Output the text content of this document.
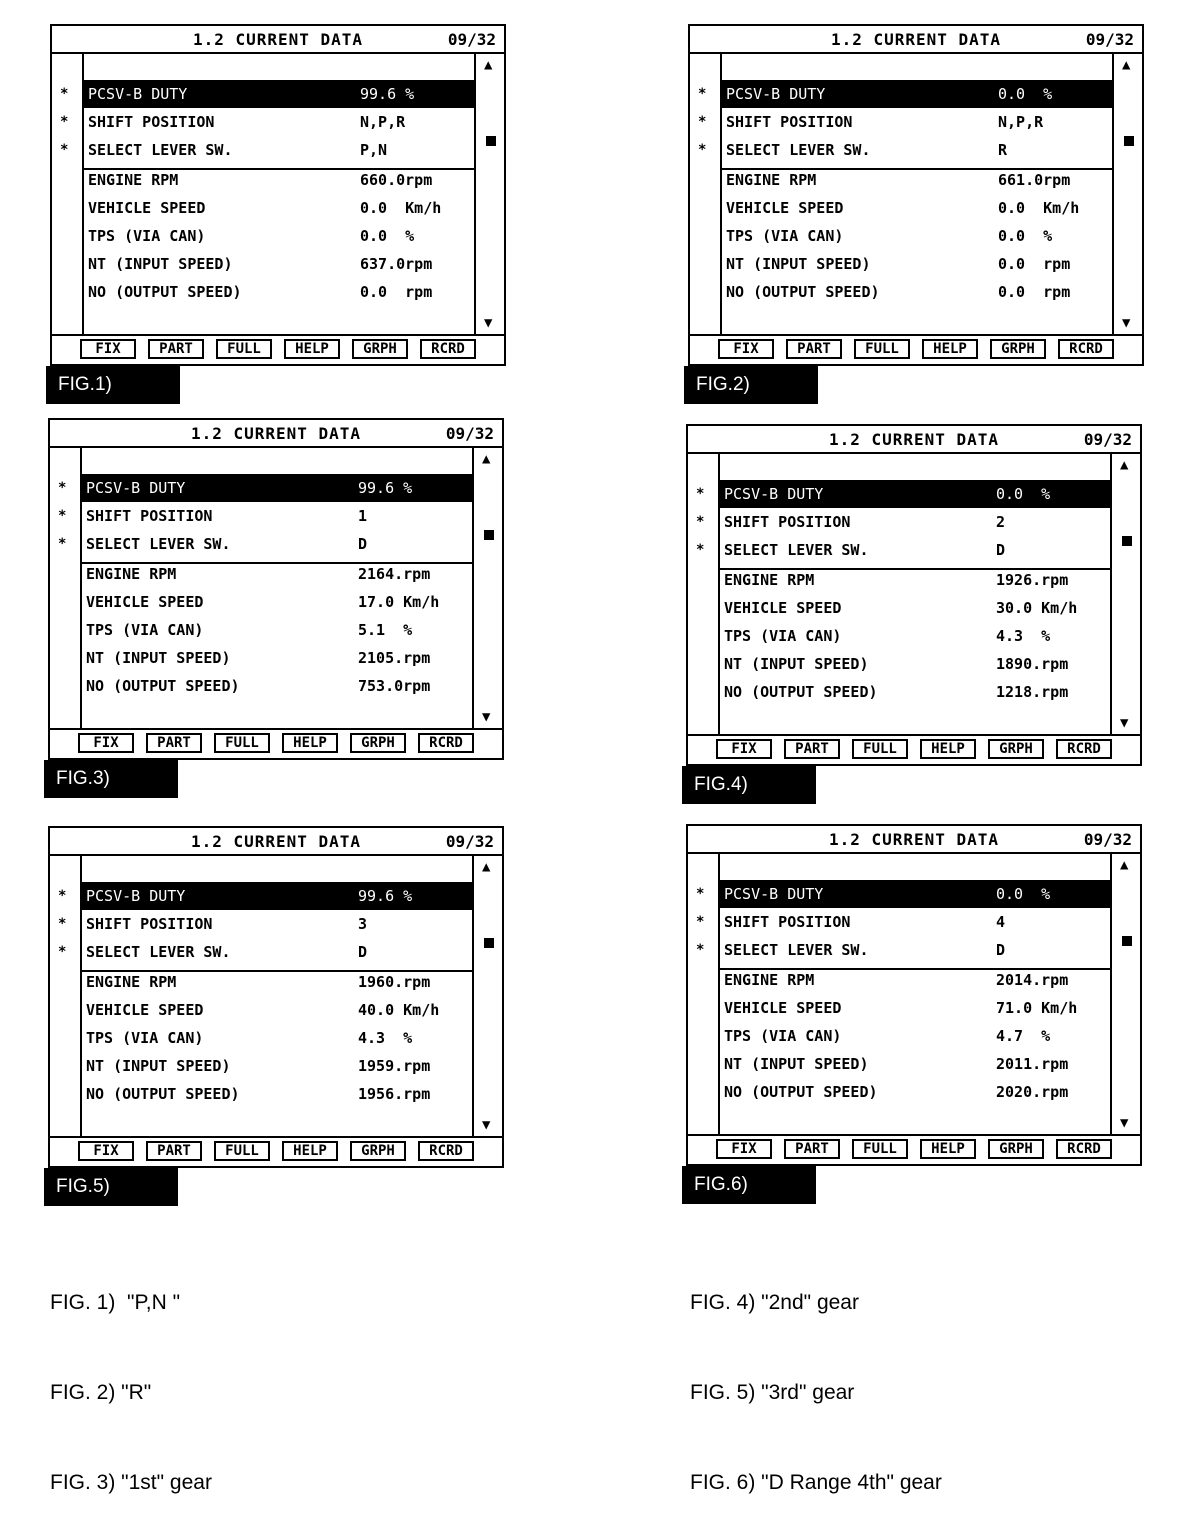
1.2 CURRENT DATA	09/32
▲
▼
* PCSV-B DUTY	99.6 %
* SHIFT POSITION	N,P,R
* SELECT LEVER SW.	P,N
ENGINE RPM	660.0rpm
VEHICLE SPEED	0.0  Km/h
TPS (VIA CAN)	0.0  %
NT (INPUT SPEED)	637.0rpm
NO (OUTPUT SPEED)	0.0  rpm
FIX	PART	FULL	HELP	GRPH	RCRD
FIG.1)
1.2 CURRENT DATA	09/32
▲
▼
* PCSV-B DUTY	0.0  %
* SHIFT POSITION	N,P,R
* SELECT LEVER SW.	R
ENGINE RPM	661.0rpm
VEHICLE SPEED	0.0  Km/h
TPS (VIA CAN)	0.0  %
NT (INPUT SPEED)	0.0  rpm
NO (OUTPUT SPEED)	0.0  rpm
FIX	PART	FULL	HELP	GRPH	RCRD
FIG.2)
1.2 CURRENT DATA	09/32
▲
▼
* PCSV-B DUTY	99.6 %
* SHIFT POSITION	1
* SELECT LEVER SW.	D
ENGINE RPM	2164.rpm
VEHICLE SPEED	17.0 Km/h
TPS (VIA CAN)	5.1  %
NT (INPUT SPEED)	2105.rpm
NO (OUTPUT SPEED)	753.0rpm
FIX	PART	FULL	HELP	GRPH	RCRD
FIG.3)
1.2 CURRENT DATA	09/32
▲
▼
* PCSV-B DUTY	0.0  %
* SHIFT POSITION	2
* SELECT LEVER SW.	D
ENGINE RPM	1926.rpm
VEHICLE SPEED	30.0 Km/h
TPS (VIA CAN)	4.3  %
NT (INPUT SPEED)	1890.rpm
NO (OUTPUT SPEED)	1218.rpm
FIX	PART	FULL	HELP	GRPH	RCRD
FIG.4)
1.2 CURRENT DATA	09/32
▲
▼
* PCSV-B DUTY	99.6 %
* SHIFT POSITION	3
* SELECT LEVER SW.	D
ENGINE RPM	1960.rpm
VEHICLE SPEED	40.0 Km/h
TPS (VIA CAN)	4.3  %
NT (INPUT SPEED)	1959.rpm
NO (OUTPUT SPEED)	1956.rpm
FIX	PART	FULL	HELP	GRPH	RCRD
FIG.5)
1.2 CURRENT DATA	09/32
▲
▼
* PCSV-B DUTY	0.0  %
* SHIFT POSITION	4
* SELECT LEVER SW.	D
ENGINE RPM	2014.rpm
VEHICLE SPEED	71.0 Km/h
TPS (VIA CAN)	4.7  %
NT (INPUT SPEED)	2011.rpm
NO (OUTPUT SPEED)	2020.rpm
FIX	PART	FULL	HELP	GRPH	RCRD
FIG.6)

FIG. 1)  "P,N "

FIG. 2) "R"

FIG. 3) "1st" gear

FIG. 4) "2nd" gear

FIG. 5) "3rd" gear

FIG. 6) "D Range 4th" gear
